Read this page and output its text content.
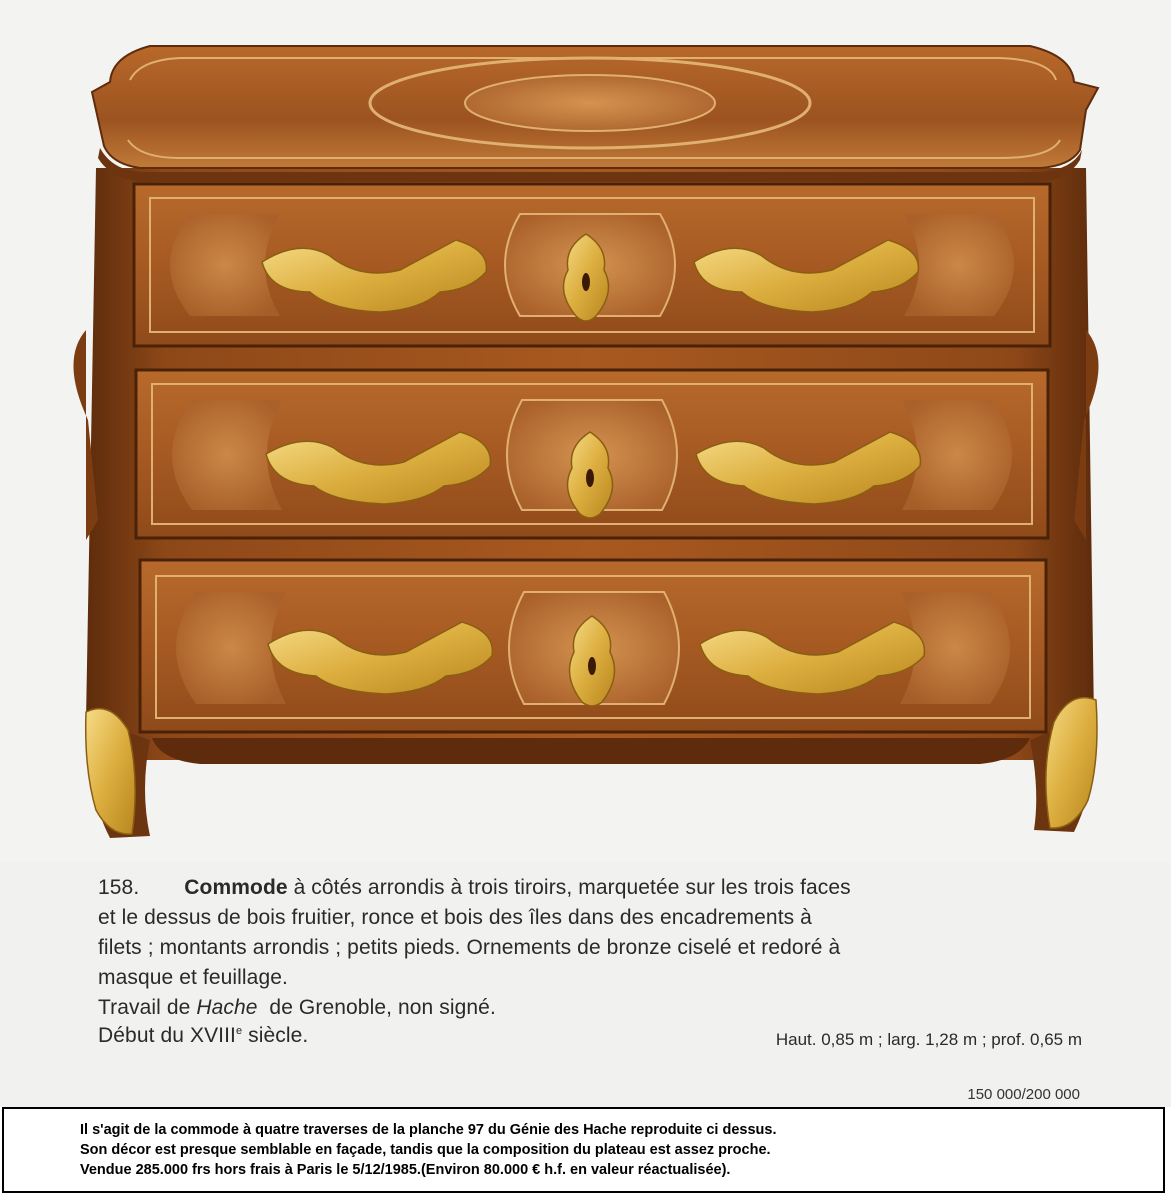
158. Commode à côtés arrondis à trois tiroirs, marquetée sur les trois faces
et le dessus de bois fruitier, ronce et bois des îles dans des encadrements à
filets ; montants arrondis ; petits pieds. Ornements de bronze ciselé et redoré à
masque et feuillage.
Travail de Hache  de Grenoble, non signé.
Début du XVIIIe siècle.	Haut. 0,85 m ; larg. 1,28 m ; prof. 0,65 m
150 000/200 000
Il s'agit de la commode à quatre traverses de la planche 97 du Génie des Hache reproduite ci dessus.
Son décor est presque semblable en façade, tandis que la composition du plateau est assez proche.
Vendue 285.000 frs hors frais à Paris le 5/12/1985.(Environ 80.000 € h.f. en valeur réactualisée).
